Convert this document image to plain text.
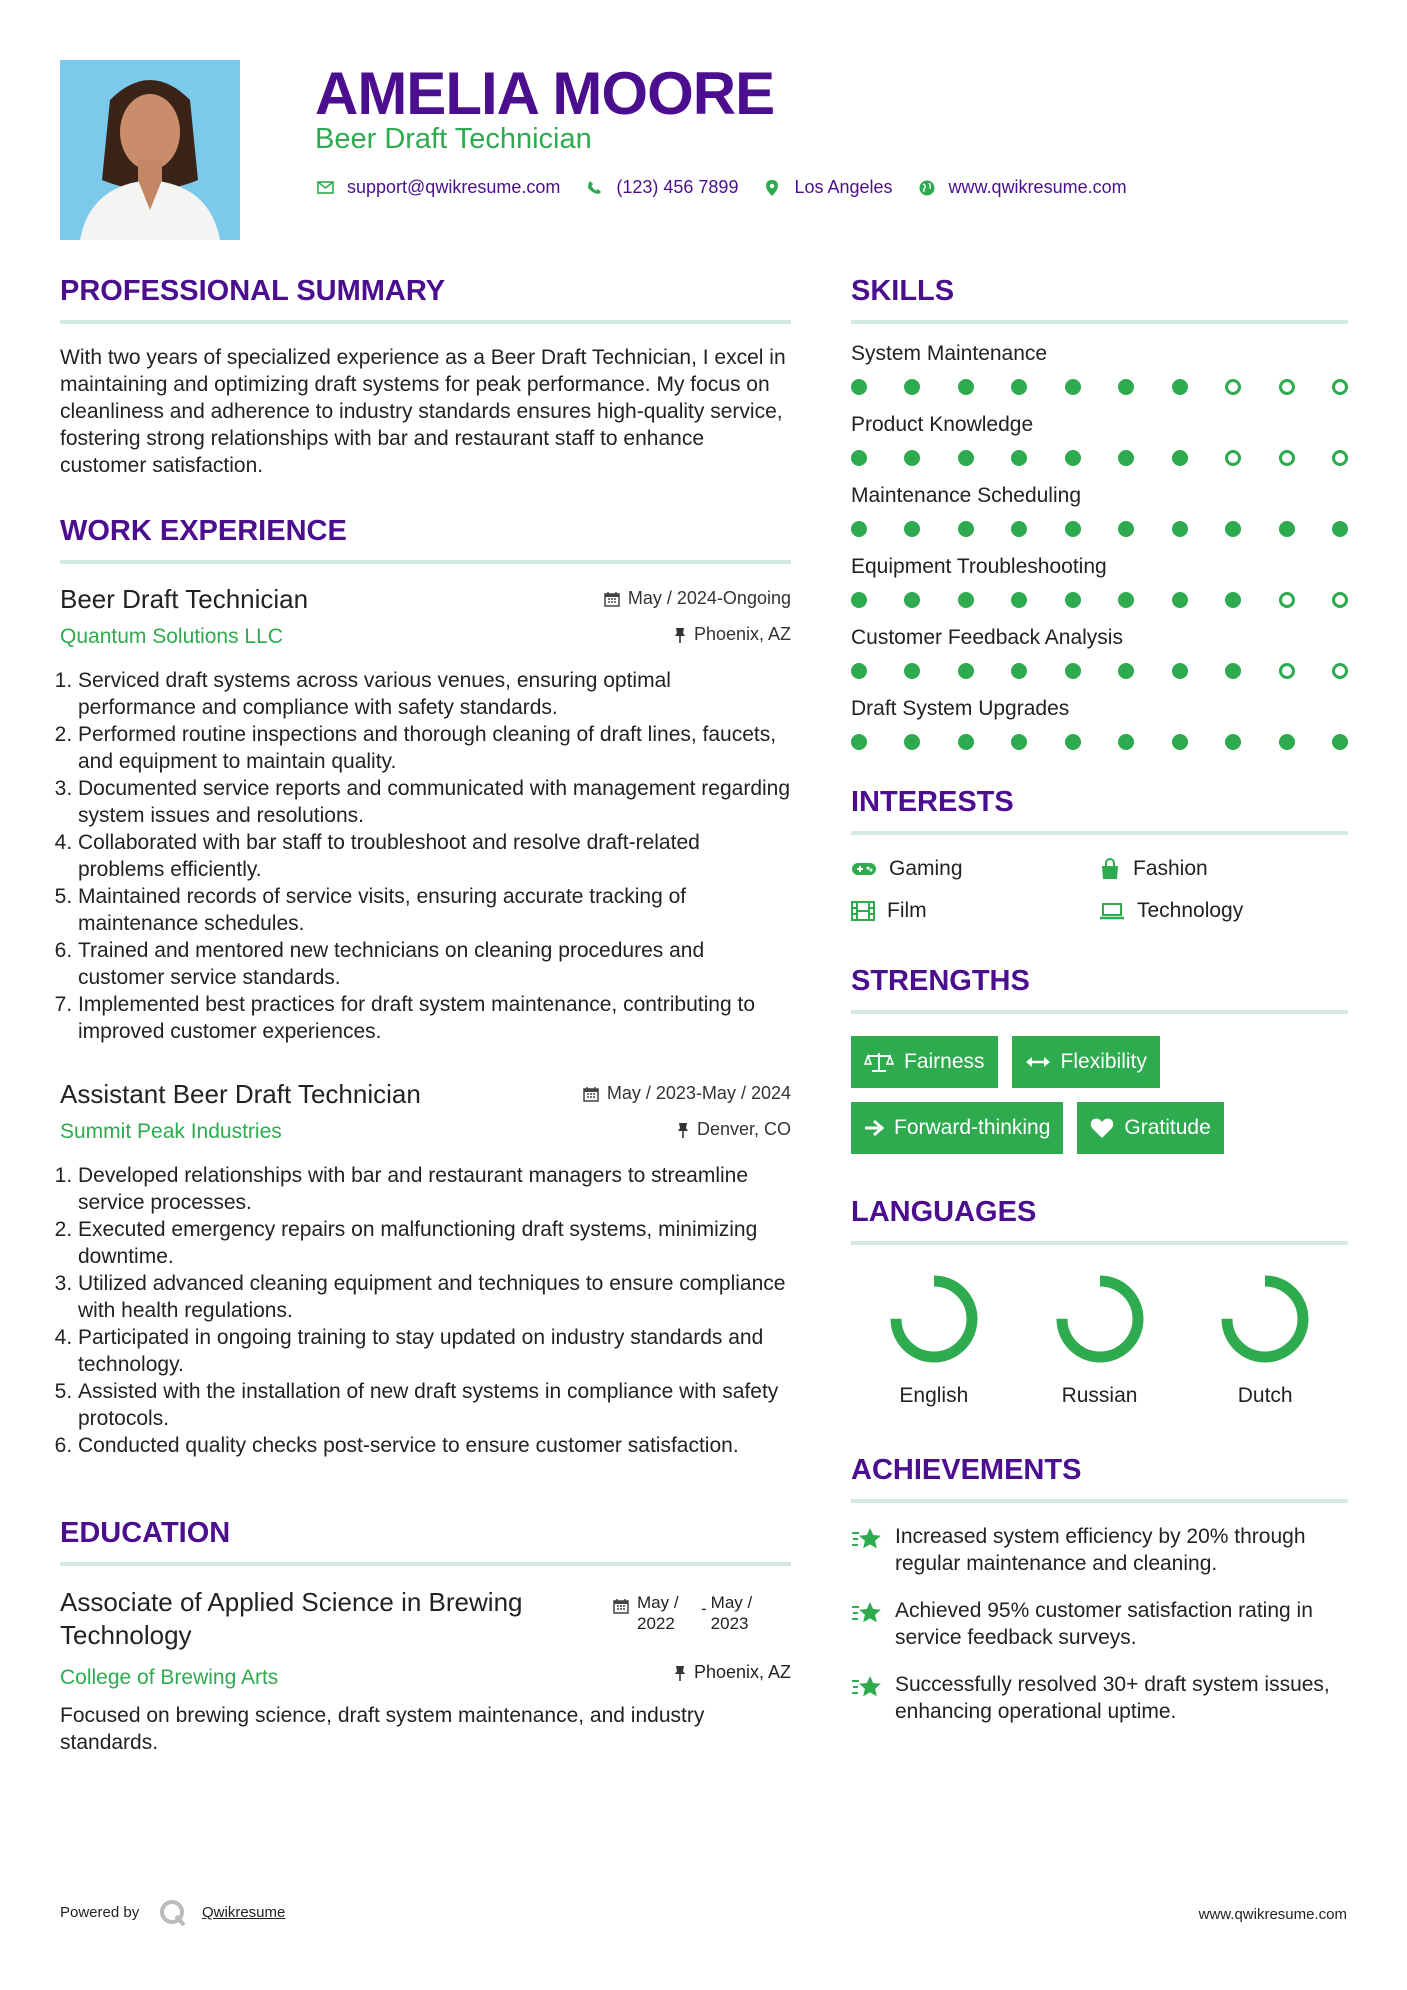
AMELIA MOORE
Beer Draft Technician
support@qwikresume.com	(123) 456 7899	Los Angeles	www.qwikresume.com
PROFESSIONAL SUMMARY

With two years of specialized experience as a Beer Draft Technician, I excel in maintaining and optimizing draft systems for peak performance. My focus on cleanliness and adherence to industry standards ensures high-quality service, fostering strong relationships with bar and restaurant staff to enhance customer satisfaction.

WORK EXPERIENCE
Beer Draft Technician	May / 2024-Ongoing
Quantum Solutions LLC	Phoenix, AZ
1. Serviced draft systems across various venues, ensuring optimal performance and compliance with safety standards.
2. Performed routine inspections and thorough cleaning of draft lines, faucets, and equipment to maintain quality.
3. Documented service reports and communicated with management regarding system issues and resolutions.
4. Collaborated with bar staff to troubleshoot and resolve draft-related problems efficiently.
5. Maintained records of service visits, ensuring accurate tracking of maintenance schedules.
6. Trained and mentored new technicians on cleaning procedures and customer service standards.
7. Implemented best practices for draft system maintenance, contributing to improved customer experiences.
Assistant Beer Draft Technician	May / 2023-May / 2024
Summit Peak Industries	Denver, CO
1. Developed relationships with bar and restaurant managers to streamline service processes.
2. Executed emergency repairs on malfunctioning draft systems, minimizing downtime.
3. Utilized advanced cleaning equipment and techniques to ensure compliance with health regulations.
4. Participated in ongoing training to stay updated on industry standards and technology.
5. Assisted with the installation of new draft systems in compliance with safety protocols.
6. Conducted quality checks post-service to ensure customer satisfaction.
EDUCATION
Associate of Applied Science in Brewing Technology
May / 2022
- May / 2023
College of Brewing Arts	Phoenix, AZ

Focused on brewing science, draft system maintenance, and industry standards.

SKILLS
System Maintenance
Product Knowledge
Maintenance Scheduling
Equipment Troubleshooting
Customer Feedback Analysis
Draft System Upgrades
INTERESTS
Gaming	Fashion
Film	Technology
STRENGTHS
Fairness	Flexibility
Forward-thinking	Gratitude
LANGUAGES
English	Russian	Dutch
ACHIEVEMENTS
Increased system efficiency by 20% through regular maintenance and cleaning.
Achieved 95% customer satisfaction rating in service feedback surveys.
Successfully resolved 30+ draft system issues, enhancing operational uptime.
Powered by	Qwikresume	www.qwikresume.com
